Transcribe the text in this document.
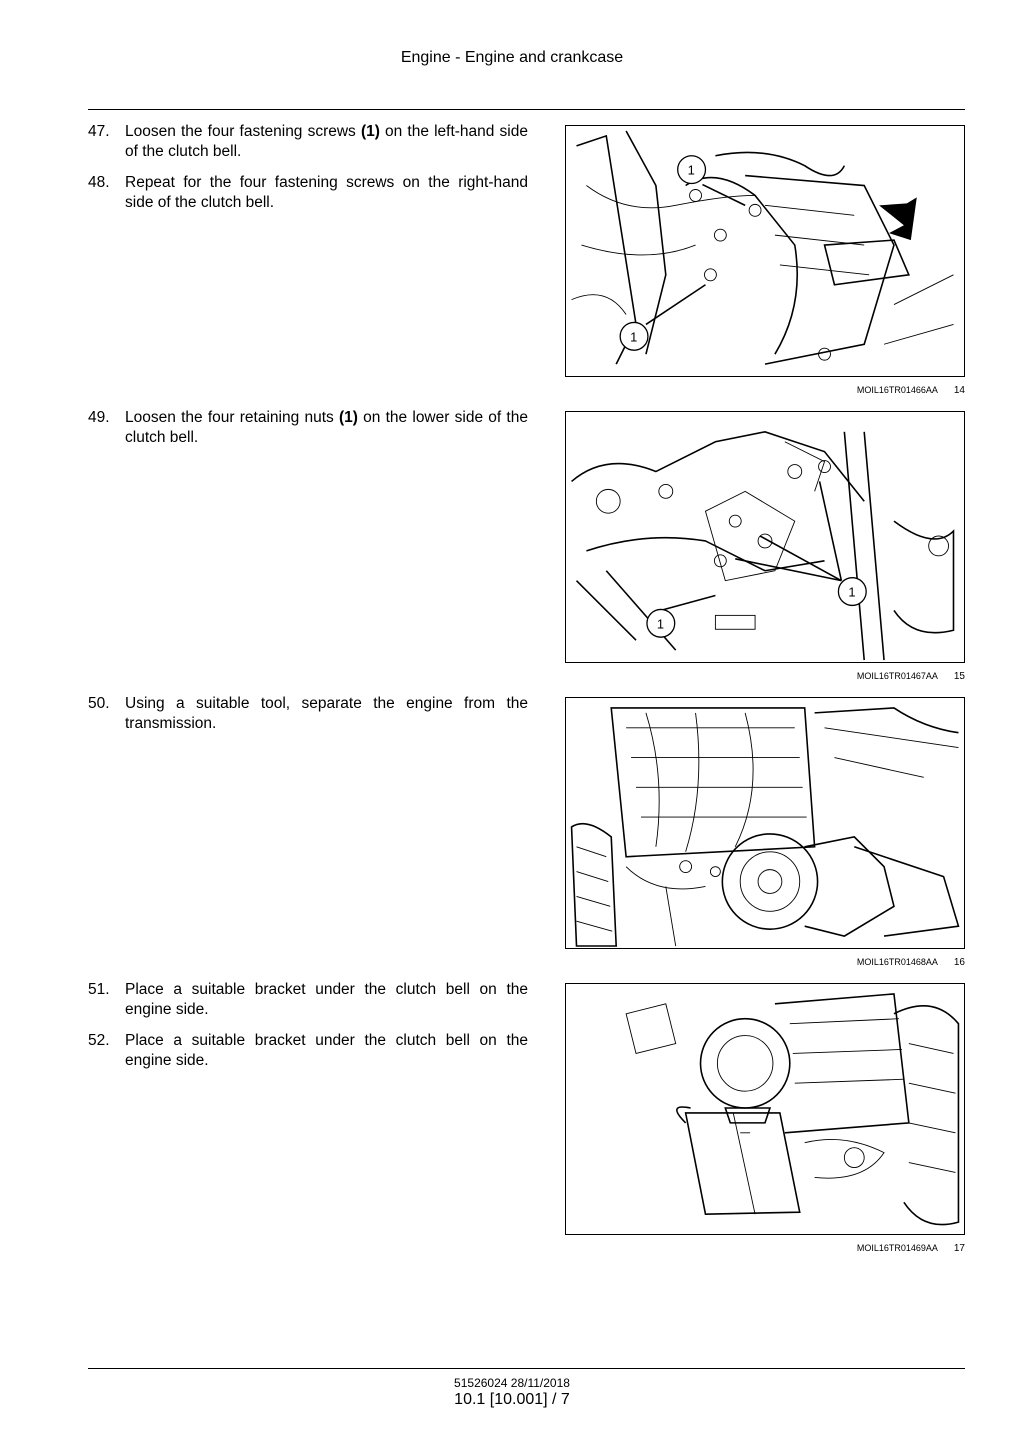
Engine - Engine and crankcase
47. Loosen the four fastening screws (1) on the left-hand side of the clutch bell.
48. Repeat for the four fastening screws on the right-hand side of the clutch bell.
49. Loosen the four retaining nuts (1) on the lower side of the clutch bell.
50. Using a suitable tool, separate the engine from the transmission.
51. Place a suitable bracket under the clutch bell on the engine side.
52. Place a suitable bracket under the clutch bell on the engine side.
1
1
MOIL16TR01466AA 14
1
1
MOIL16TR01467AA 15
MOIL16TR01468AA 16
MOIL16TR01469AA 17
51526024 28/11/2018
10.1 [10.001] / 7
